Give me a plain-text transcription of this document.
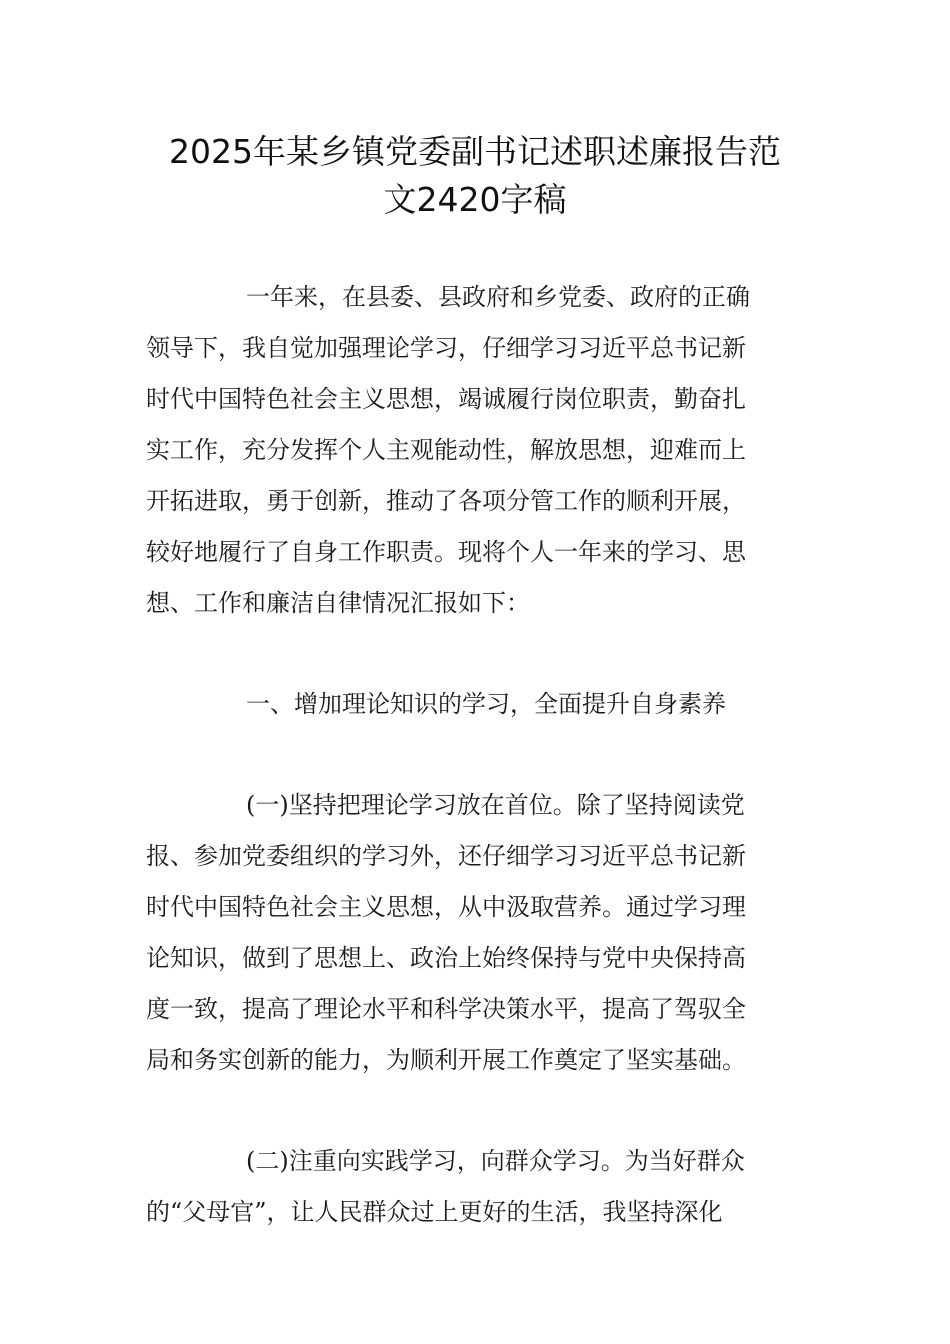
2025年某乡镇党委副书记述职述廉报告范
文2420字稿
一年来，在县委、县政府和乡党委、政府的正确
领导下，我自觉加强理论学习，仔细学习习近平总书记新
时代中国特色社会主义思想，竭诚履行岗位职责，勤奋扎
实工作，充分发挥个人主观能动性，解放思想，迎难而上
开拓进取，勇于创新，推动了各项分管工作的顺利开展，
较好地履行了自身工作职责。现将个人一年来的学习、思
想、工作和廉洁自律情况汇报如下：
一、增加理论知识的学习，全面提升自身素养
(一)坚持把理论学习放在首位。除了坚持阅读党
报、参加党委组织的学习外，还仔细学习习近平总书记新
时代中国特色社会主义思想，从中汲取营养。通过学习理
论知识，做到了思想上、政治上始终保持与党中央保持高
度一致，提高了理论水平和科学决策水平，提高了驾驭全
局和务实创新的能力，为顺利开展工作奠定了坚实基础。
(二)注重向实践学习，向群众学习。为当好群众
的“父母官”，让人民群众过上更好的生活，我坚持深化
